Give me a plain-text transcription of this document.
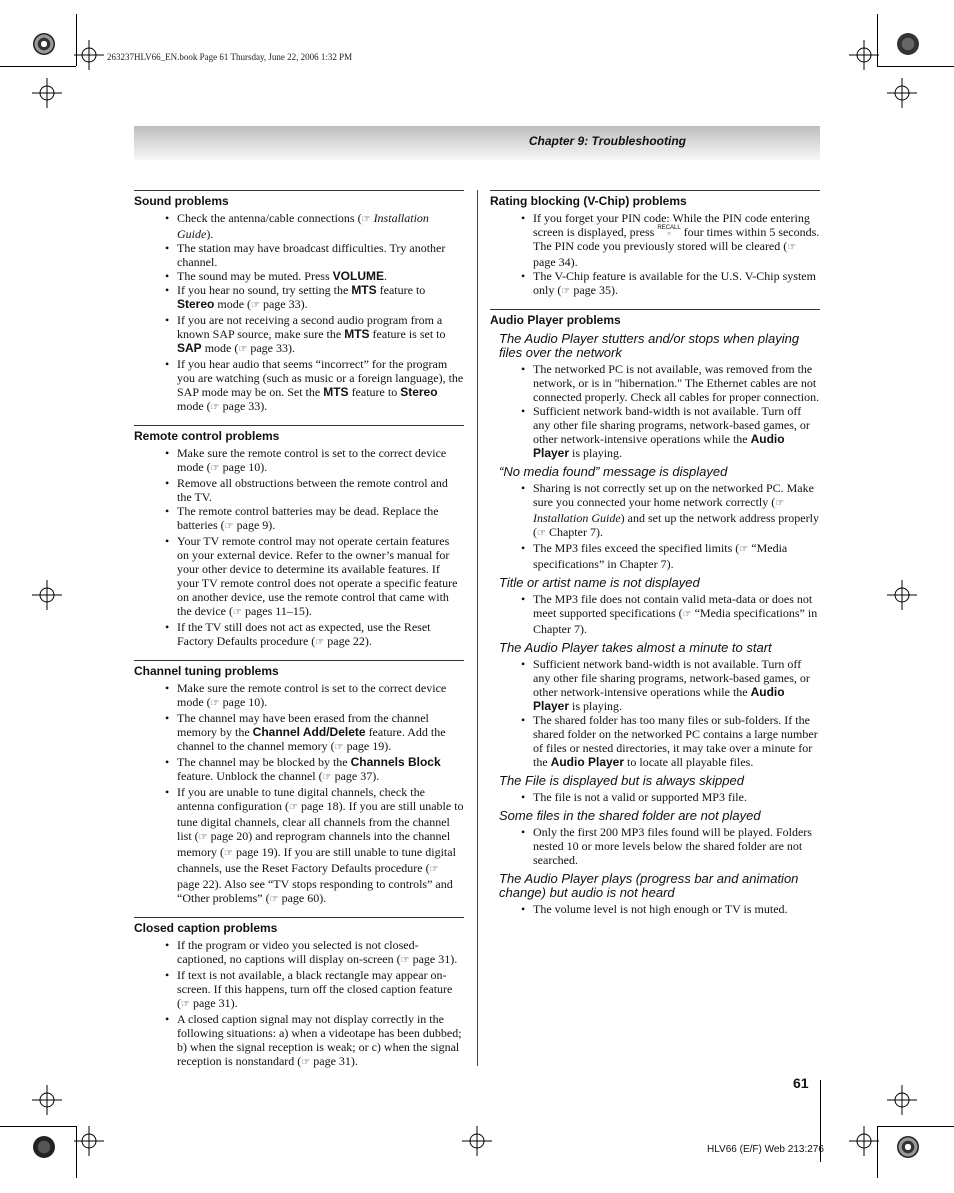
263237HLV66_EN.book Page 61 Thursday, June 22, 2006 1:32 PM
Chapter 9: Troubleshooting
Sound problems
• Check the antenna/cable connections (☞ Installation Guide).
• The station may have broadcast difficulties. Try another channel.
• The sound may be muted. Press VOLUME.
• If you hear no sound, try setting the MTS feature to Stereo mode (☞ page 33).
• If you are not receiving a second audio program from a known SAP source, make sure the MTS feature is set to SAP mode (☞ page 33).
• If you hear audio that seems “incorrect” for the program you are watching (such as music or a foreign language), the SAP mode may be on. Set the MTS feature to Stereo mode (☞ page 33).
Remote control problems
• Make sure the remote control is set to the correct device mode (☞ page 10).
• Remove all obstructions between the remote control and the TV.
• The remote control batteries may be dead. Replace the batteries (☞ page 9).
• Your TV remote control may not operate certain features on your external device. Refer to the owner’s manual for your other device to determine its available features. If your TV remote control does not operate a specific feature on another device, use the remote control that came with the device (☞ pages 11–15).
• If the TV still does not act as expected, use the Reset Factory Defaults procedure (☞ page 22).
Channel tuning problems
• Make sure the remote control is set to the correct device mode (☞ page 10).
• The channel may have been erased from the channel memory by the Channel Add/Delete feature. Add the channel to the channel memory (☞ page 19).
• The channel may be blocked by the Channels Block feature. Unblock the channel (☞ page 37).
• If you are unable to tune digital channels, check the antenna configuration (☞ page 18). If you are still unable to tune digital channels, clear all channels from the channel list (☞ page 20) and reprogram channels into the channel memory (☞ page 19). If you are still unable to tune digital channels, use the Reset Factory Defaults procedure (☞ page 22). Also see “TV stops responding to controls” and “Other problems” (☞ page 60).
Closed caption problems
• If the program or video you selected is not closed-captioned, no captions will display on-screen (☞ page 31).
• If text is not available, a black rectangle may appear on-screen. If this happens, turn off the closed caption feature (☞ page 31).
• A closed caption signal may not display correctly in the following situations: a) when a videotape has been dubbed; b) when the signal reception is weak; or c) when the signal reception is nonstandard (☞ page 31).
Rating blocking (V-Chip) problems
• If you forget your PIN code: While the PIN code entering screen is displayed, press RECALL
○ four times within 5 seconds. The PIN code you previously stored will be cleared (☞ page 34).
• The V-Chip feature is available for the U.S. V-Chip system only (☞ page 35).
Audio Player problems
The Audio Player stutters and/or stops when playing files over the network
• The networked PC is not available, was removed from the network, or is in "hibernation." The Ethernet cables are not connected properly. Check all cables for proper connection.
• Sufficient network band-width is not available. Turn off any other file sharing programs, network-based games, or other network-intensive operations while the Audio Player is playing.
“No media found” message is displayed
• Sharing is not correctly set up on the networked PC. Make sure you connected your home network correctly (☞ Installation Guide) and set up the network address properly (☞ Chapter 7).
• The MP3 files exceed the specified limits (☞ “Media specifications” in Chapter 7).
Title or artist name is not displayed
• The MP3 file does not contain valid meta-data or does not meet supported specifications (☞ “Media specifications” in Chapter 7).
The Audio Player takes almost a minute to start
• Sufficient network band-width is not available. Turn off any other file sharing programs, network-based games, or other network-intensive operations while the Audio Player is playing.
• The shared folder has too many files or sub-folders. If the shared folder on the networked PC contains a large number of files or nested directories, it may take over a minute for the Audio Player to locate all playable files.
The File is displayed but is always skipped
• The file is not a valid or supported MP3 file.
Some files in the shared folder are not played
• Only the first 200 MP3 files found will be played. Folders nested 10 or more levels below the shared folder are not searched.
The Audio Player plays (progress bar and animation change) but audio is not heard
• The volume level is not high enough or TV is muted.
61
HLV66 (E/F) Web 213:276
